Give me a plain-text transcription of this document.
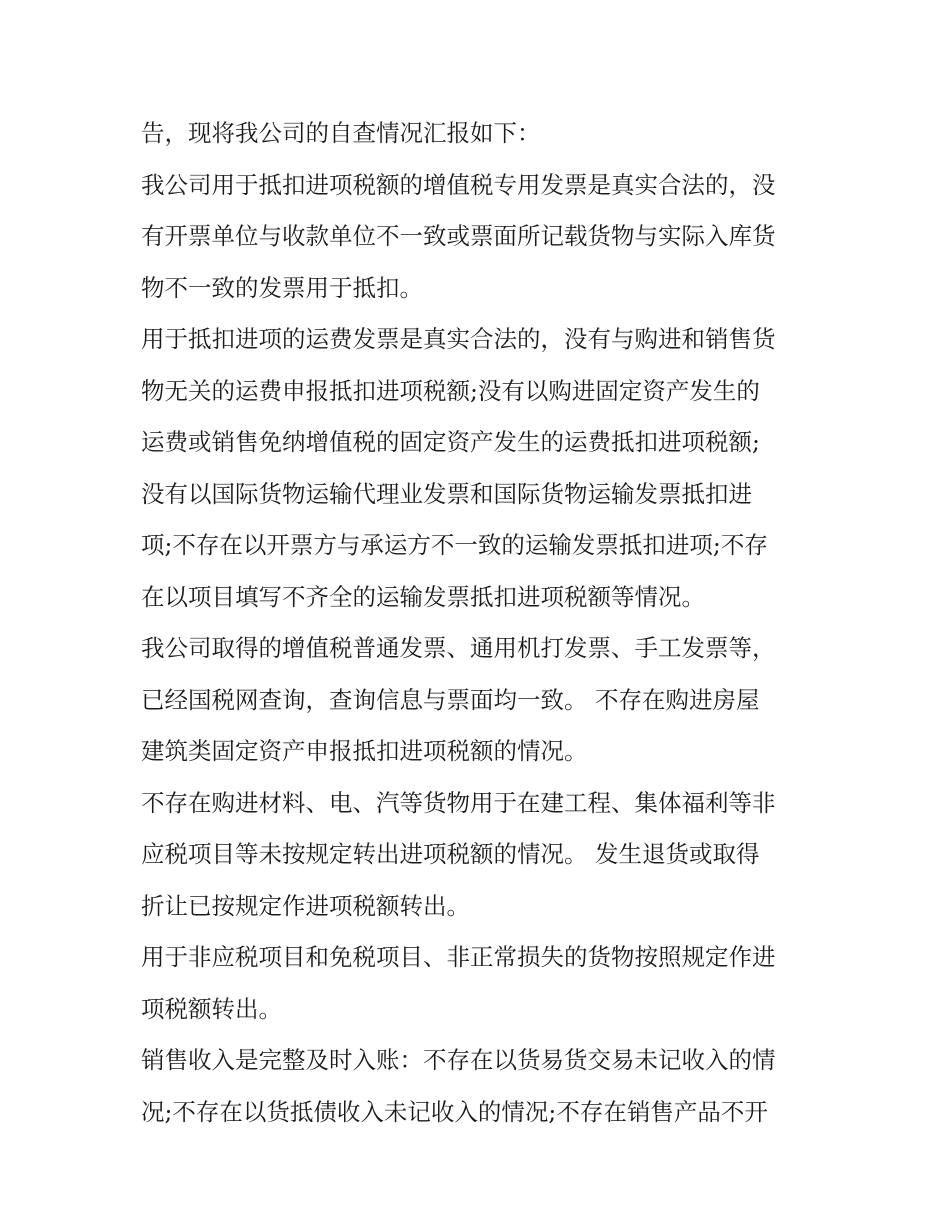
告，现将我公司的自查情况汇报如下：
我公司用于抵扣进项税额的增值税专用发票是真实合法的，没
有开票单位与收款单位不一致或票面所记载货物与实际入库货
物不一致的发票用于抵扣。
用于抵扣进项的运费发票是真实合法的，没有与购进和销售货
物无关的运费申报抵扣进项税额;没有以购进固定资产发生的
运费或销售免纳增值税的固定资产发生的运费抵扣进项税额;
没有以国际货物运输代理业发票和国际货物运输发票抵扣进
项;不存在以开票方与承运方不一致的运输发票抵扣进项;不存
在以项目填写不齐全的运输发票抵扣进项税额等情况。
我公司取得的增值税普通发票、通用机打发票、手工发票等，
已经国税网查询，查询信息与票面均一致。 不存在购进房屋
建筑类固定资产申报抵扣进项税额的情况。
不存在购进材料、电、汽等货物用于在建工程、集体福利等非
应税项目等未按规定转出进项税额的情况。 发生退货或取得
折让已按规定作进项税额转出。
用于非应税项目和免税项目、非正常损失的货物按照规定作进
项税额转出。
销售收入是完整及时入账：不存在以货易货交易未记收入的情
况;不存在以货抵债收入未记收入的情况;不存在销售产品不开
